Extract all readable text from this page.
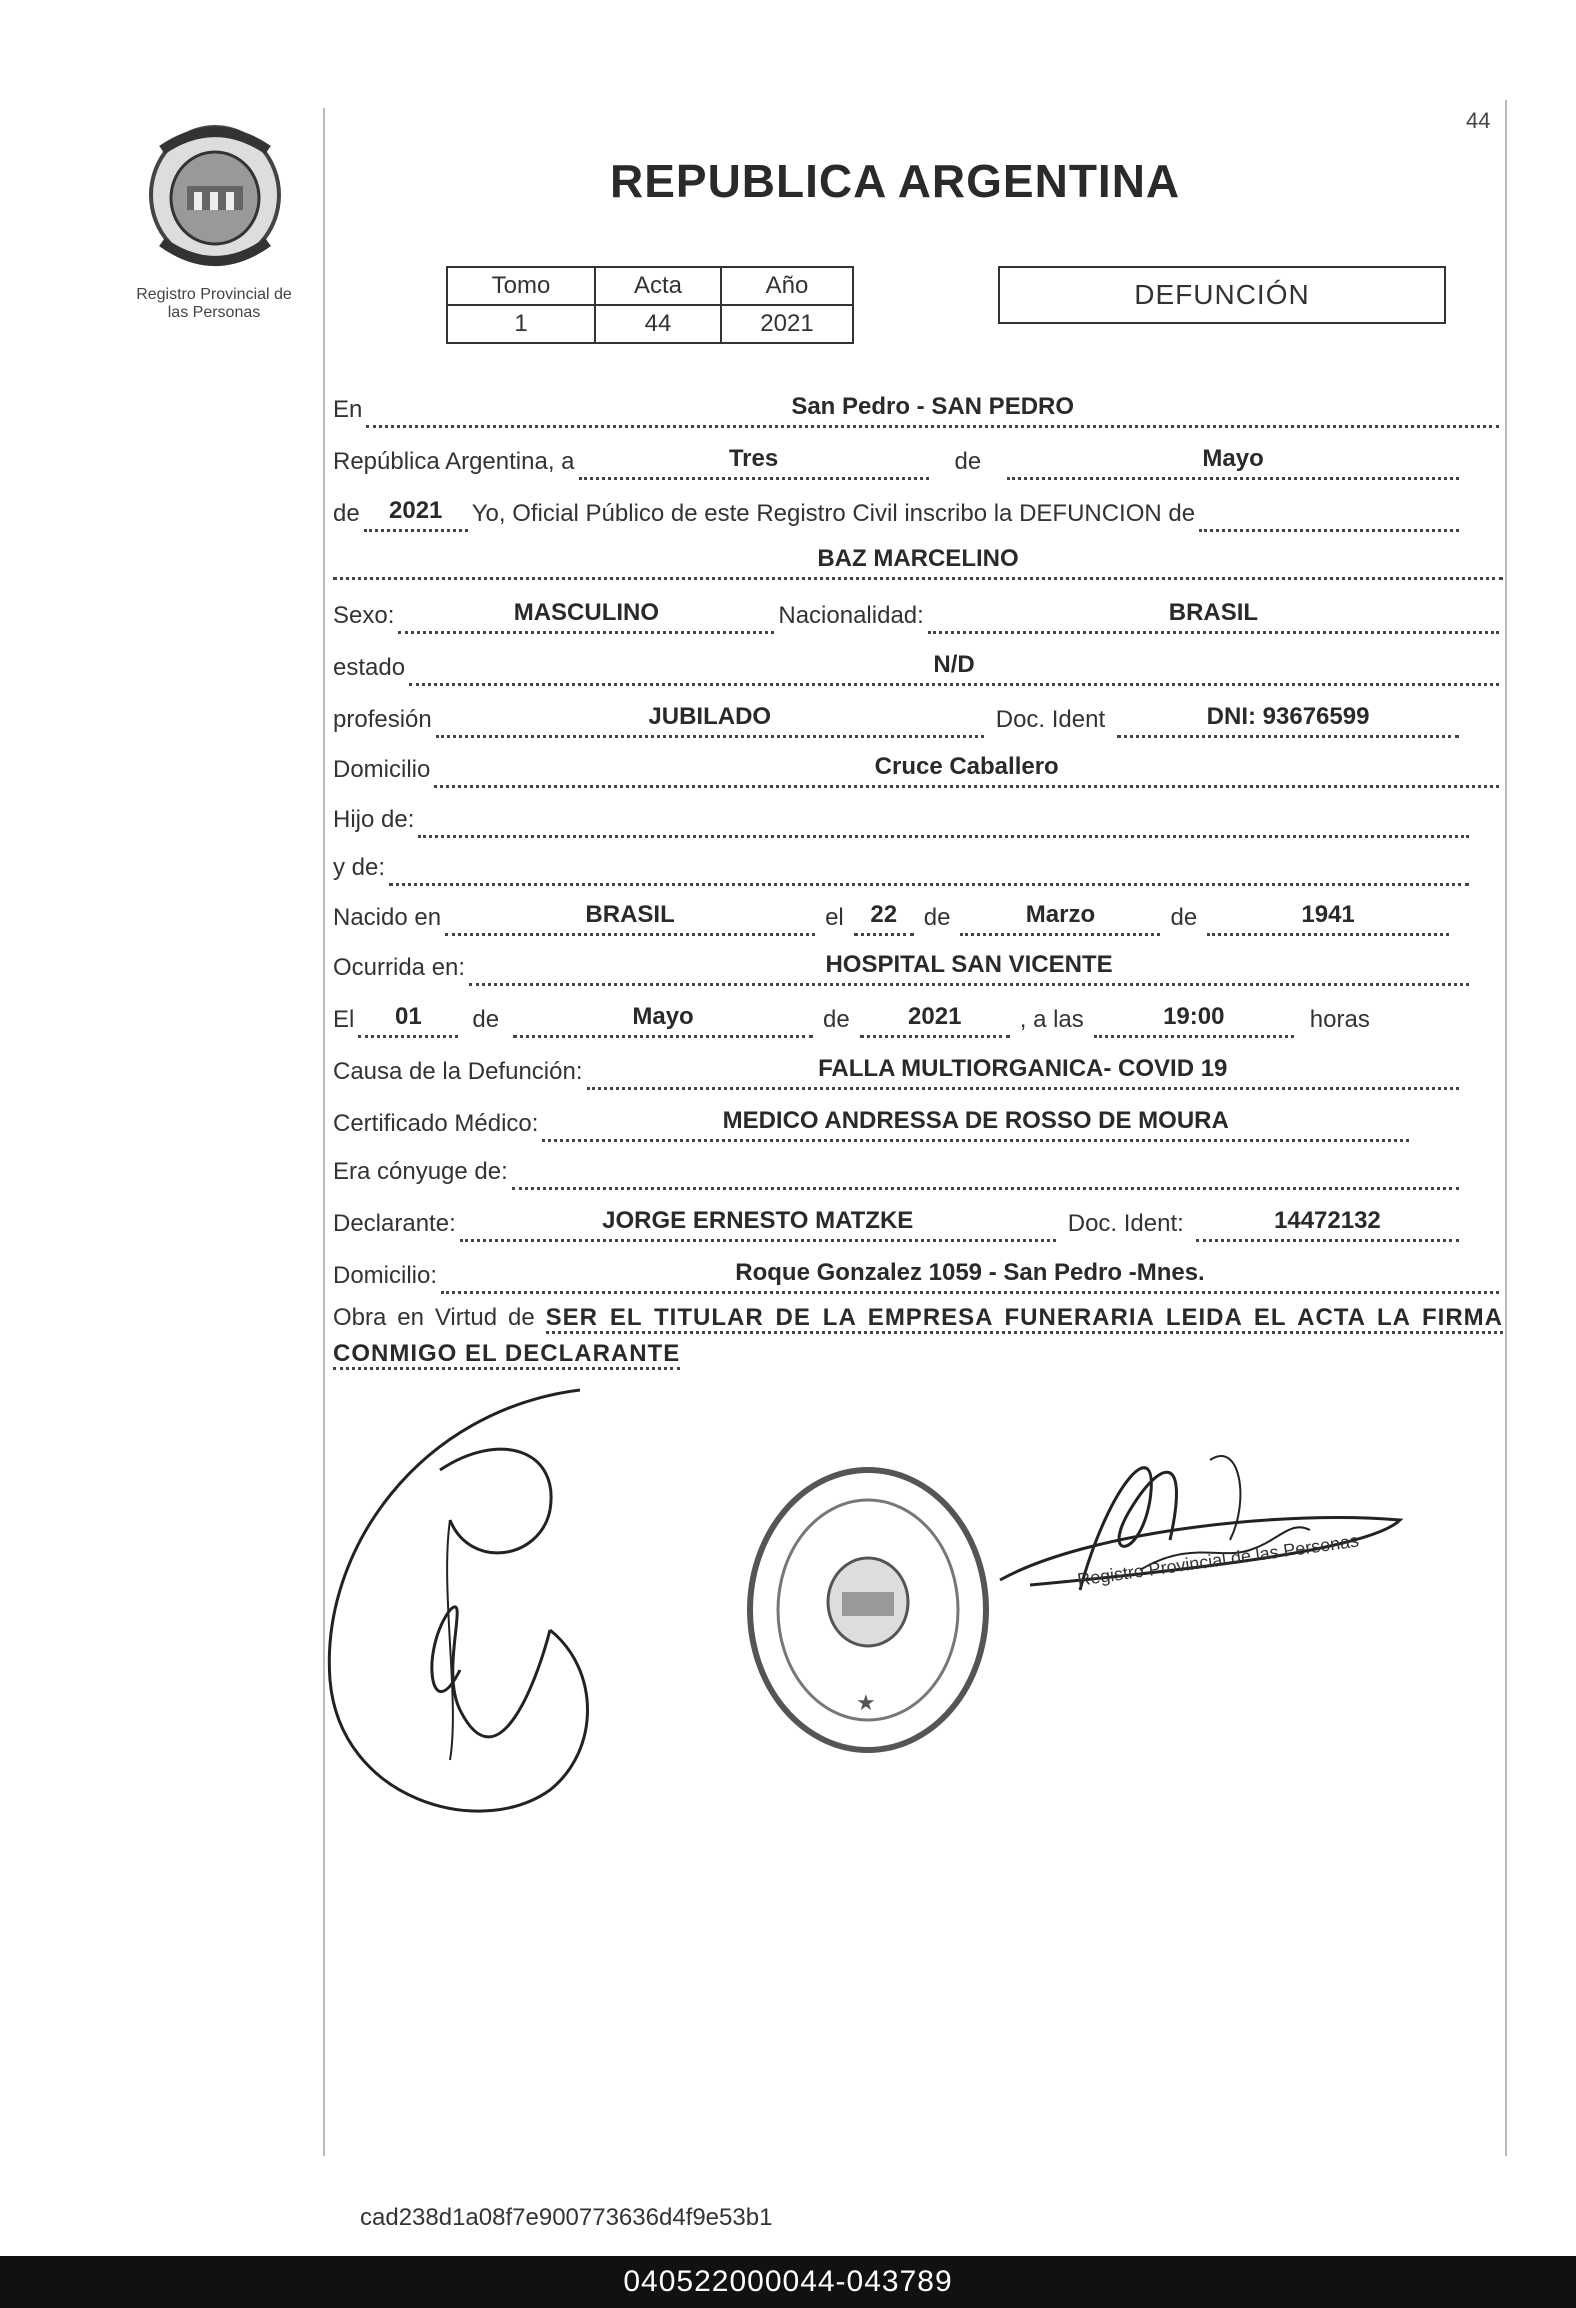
44
Registro Provincial de
las Personas
REPUBLICA ARGENTINA
Tomo	Acta	Año
1	44	2021
DEFUNCIÓN
En	San Pedro - SAN PEDRO
República Argentina, a	Tres	de	Mayo
de	2021	Yo, Oficial Público de este Registro Civil inscribo la DEFUNCION de
BAZ MARCELINO
Sexo:	MASCULINO	Nacionalidad:	BRASIL
estado	N/D
profesión	JUBILADO	Doc. Ident	DNI: 93676599
Domicilio	Cruce Caballero
Hijo de:
y de:
Nacido en	BRASIL	el	22	de	Marzo	de	1941
Ocurrida en:	HOSPITAL SAN VICENTE
El	01	de	Mayo	de	2021	, a las	19:00	horas
Causa de la Defunción:	FALLA MULTIORGANICA- COVID 19
Certificado Médico:	MEDICO ANDRESSA DE ROSSO DE MOURA
Era cónyuge de:
Declarante:	JORGE ERNESTO MATZKE	Doc. Ident:	14472132
Domicilio:	Roque Gonzalez 1059 - San Pedro -Mnes.
Obra en Virtud de SER EL TITULAR DE LA EMPRESA FUNERARIA LEIDA EL ACTA LA FIRMA CONMIGO EL DECLARANTE
★
Registro Provincial de las Personas
cad238d1a08f7e900773636d4f9e53b1
040522000044-043789
